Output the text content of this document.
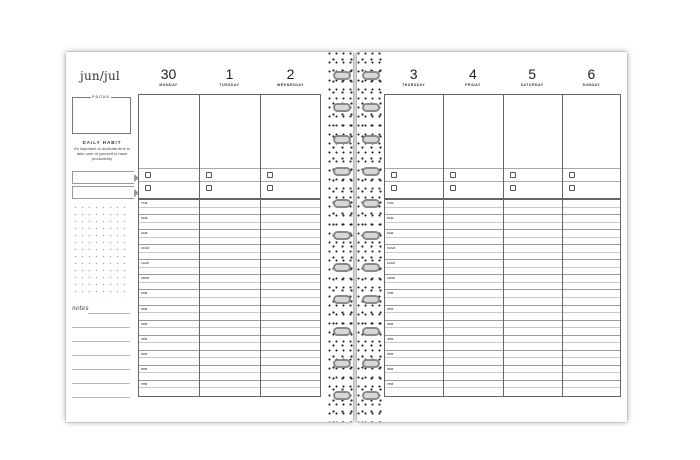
jun/jul
FOCUS
DAILY HABIT
It's important to dedicate time to take care of yourself to have productivity
notes
30
MONDAY
7AM
8AM
9AM
10AM
11AM
12PM
1PM
2PM
3PM
4PM
5PM
6PM
7PM
1
TUESDAY
2
WEDNESDAY
3
THURSDAY
7AM
8AM
9AM
10AM
11AM
12PM
1PM
2PM
3PM
4PM
5PM
6PM
7PM
4
FRIDAY
5
SATURDAY
6
SUNDAY
